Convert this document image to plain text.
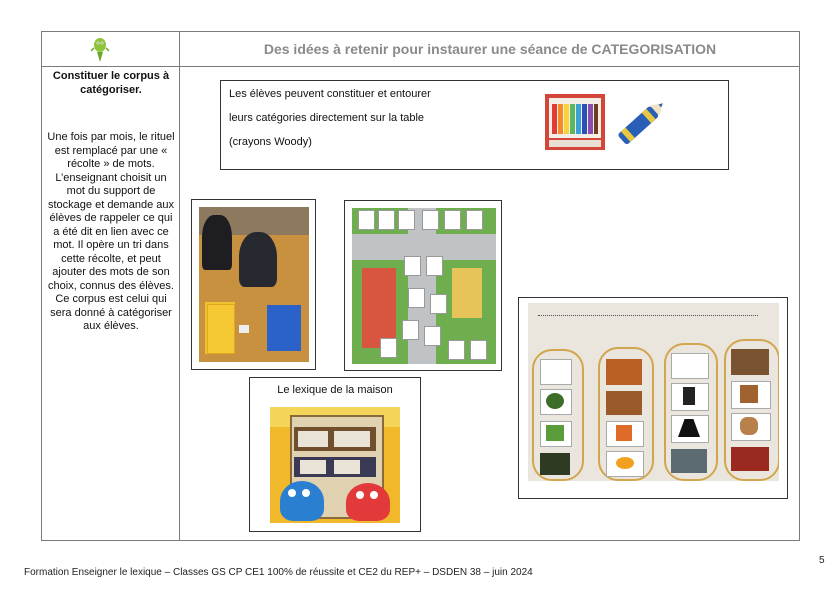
Des idées à retenir pour instaurer une séance de CATEGORISATION
Constituer le corpus à catégoriser.
Une fois par mois, le rituel est remplacé par une « récolte » de mots. L’enseignant choisit un mot du support de stockage et demande aux élèves de rappeler ce qui a été dit en lien avec ce mot. Il opère un tri dans cette récolte, et peut ajouter des mots de son choix, connus des élèves. Ce corpus est celui qui sera donné à catégoriser aux élèves.
Les élèves peuvent constituer et entourer
leurs catégories directement sur la table
(crayons Woody)
Le lexique de la maison
Formation Enseigner le lexique – Classes GS CP CE1 100% de réussite et CE2 du REP+ – DSDEN 38 – juin 2024
5
